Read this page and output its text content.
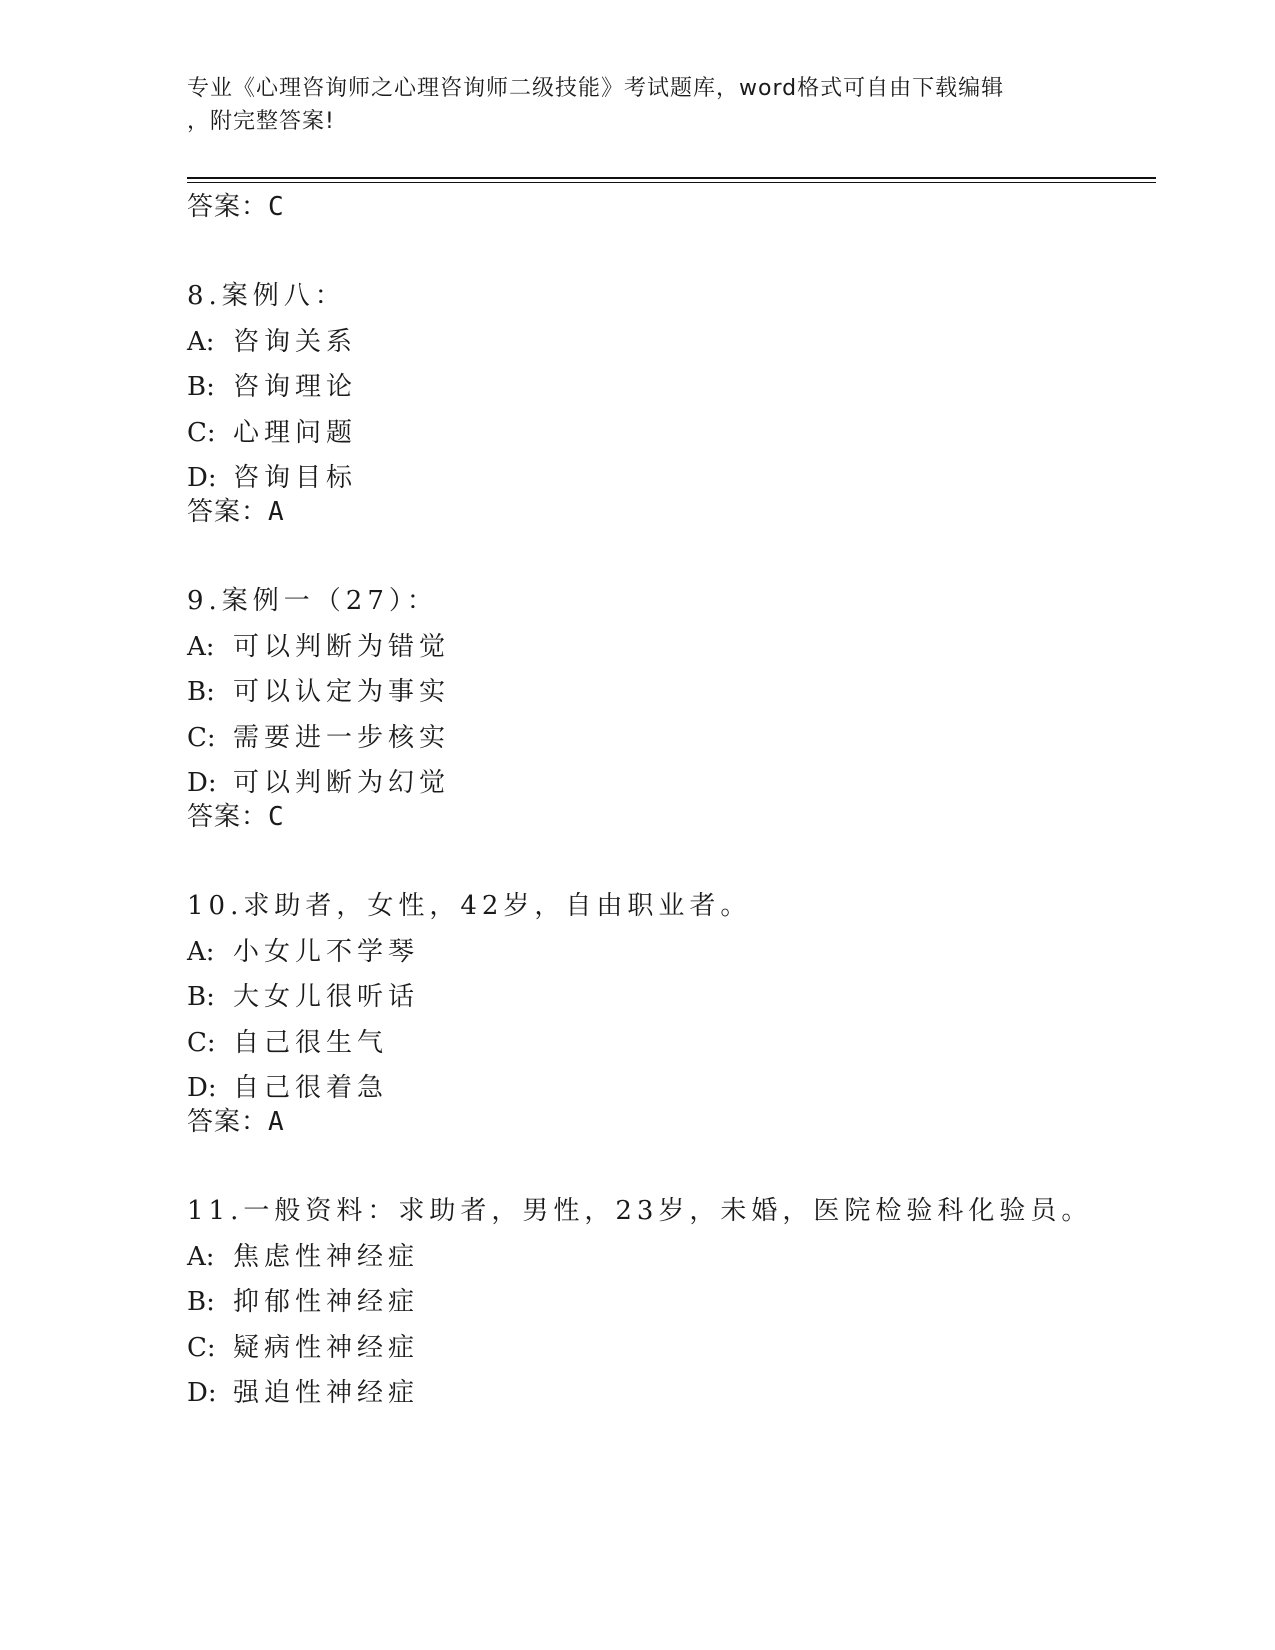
专业《心理咨询师之心理咨询师二级技能》考试题库，word格式可自由下载编辑
，附完整答案!
答案：C
8.案例八：
A: 咨询关系
B: 咨询理论
C: 心理问题
D: 咨询目标
答案：A
9.案例一（27）：
A: 可以判断为错觉
B: 可以认定为事实
C: 需要进一步核实
D: 可以判断为幻觉
答案：C
10.求助者，女性，42岁，自由职业者。
A: 小女儿不学琴
B: 大女儿很听话
C: 自己很生气
D: 自己很着急
答案：A
11.一般资料：求助者，男性，23岁，未婚，医院检验科化验员。
A: 焦虑性神经症
B: 抑郁性神经症
C: 疑病性神经症
D: 强迫性神经症
